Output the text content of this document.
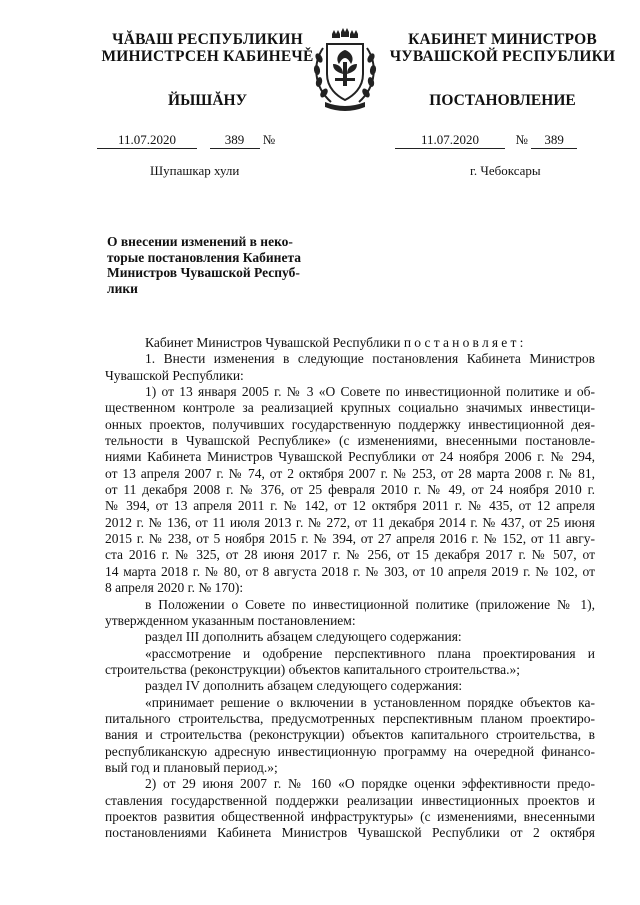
ЧĂВАШ РЕСПУБЛИКИН
МИНИСТРСЕН КАБИНЕЧĚ
ЙЫШĂНУ
КАБИНЕТ МИНИСТРОВ
ЧУВАШСКОЙ РЕСПУБЛИКИ
ПОСТАНОВЛЕНИЕ
11.07.2020	389 №	11.07.2020	№ 389
Шупашкар хули	г. Чебоксары
О внесении изменений в неко-
торые постановления Кабинета
Министров Чувашской Респуб-
лики
Кабинет Министров Чувашской Республики постановляет:
1. Внести изменения в следующие постановления Кабинета Министров
Чувашской Республики:
1) от 13 января 2005 г. № 3 «О Совете по инвестиционной политике и об-
щественном контроле за реализацией крупных социально значимых инвестици-
онных проектов, получивших государственную поддержку инвестиционной дея-
тельности в Чувашской Республике» (с изменениями, внесенными постановле-
ниями Кабинета Министров Чувашской Республики от 24 ноября 2006 г. № 294,
от 13 апреля 2007 г. № 74, от 2 октября 2007 г. № 253, от 28 марта 2008 г. № 81,
от 11 декабря 2008 г. № 376, от 25 февраля 2010 г. № 49, от 24 ноября 2010 г.
№ 394, от 13 апреля 2011 г. № 142, от 12 октября 2011 г. № 435, от 12 апреля
2012 г. № 136, от 11 июля 2013 г. № 272, от 11 декабря 2014 г. № 437, от 25 июня
2015 г. № 238, от 5 ноября 2015 г. № 394, от 27 апреля 2016 г. № 152, от 11 авгу-
ста 2016 г. № 325, от 28 июня 2017 г. № 256, от 15 декабря 2017 г. № 507, от
14 марта 2018 г. № 80, от 8 августа 2018 г. № 303, от 10 апреля 2019 г. № 102, от
8 апреля 2020 г. № 170):
в Положении о Совете по инвестиционной политике (приложение № 1),
утвержденном указанным постановлением:
раздел III дополнить абзацем следующего содержания:
«рассмотрение и одобрение перспективного плана проектирования и
строительства (реконструкции) объектов капитального строительства.»;
раздел IV дополнить абзацем следующего содержания:
«принимает решение о включении в установленном порядке объектов ка-
питального строительства, предусмотренных перспективным планом проектиро-
вания и строительства (реконструкции) объектов капитального строительства, в
республиканскую адресную инвестиционную программу на очередной финансо-
вый год и плановый период.»;
2) от 29 июня 2007 г. № 160 «О порядке оценки эффективности предо-
ставления государственной поддержки реализации инвестиционных проектов и
проектов развития общественной инфраструктуры» (с изменениями, внесенными
постановлениями Кабинета Министров Чувашской Республики от 2 октября
